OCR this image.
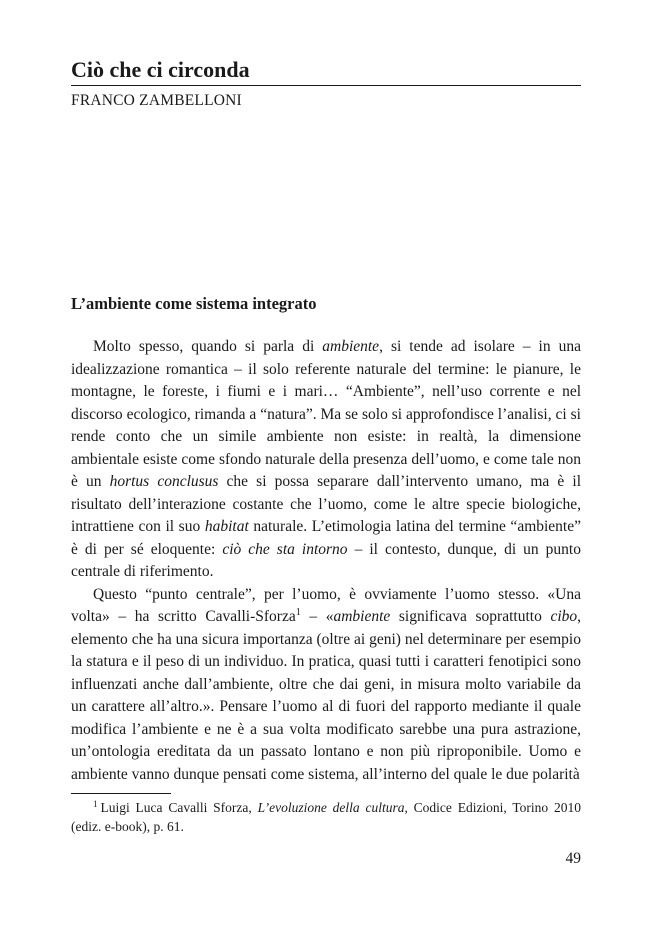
Ciò che ci circonda
FRANCO ZAMBELLONI
L’ambiente come sistema integrato

Molto spesso, quando si parla di ambiente, si tende ad isolare – in una idealizzazione romantica – il solo referente naturale del termine: le pianure, le montagne, le foreste, i fiumi e i mari… “Ambiente”, nell’uso corrente e nel discorso ecologico, rimanda a “natura”. Ma se solo si approfondisce l’analisi, ci si rende conto che un simile ambiente non esiste: in realtà, la dimensione ambientale esiste come sfondo naturale della presenza dell’uomo, e come tale non è un hortus conclusus che si possa separare dall’intervento umano, ma è il risultato dell’interazione costante che l’uomo, come le altre specie biologiche, intrattiene con il suo habitat naturale. L’etimologia latina del termine “ambiente” è di per sé eloquente: ciò che sta intorno – il contesto, dunque, di un punto centrale di riferimento.

Questo “punto centrale”, per l’uomo, è ovviamente l’uomo stesso. «Una volta» – ha scritto Cavalli-Sforza$^1$ – «ambiente significava soprattutto cibo, elemento che ha una sicura importanza (oltre ai geni) nel determinare per esempio la statura e il peso di un individuo. In pratica, quasi tutti i caratteri fenotipici sono influenzati anche dall’ambiente, oltre che dai geni, in misura molto variabile da un carattere all’altro.». Pensare l’uomo al di fuori del rapporto mediante il quale modifica l’ambiente e ne è a sua volta modificato sarebbe una pura astrazione, un’ontologia ereditata da un passato lontano e non più riproponibile. Uomo e ambiente vanno dunque pensati come sistema, all’interno del quale le due polarità

$^1$ Luigi Luca Cavalli Sforza, L’evoluzione della cultura, Codice Edizioni, Torino 2010 (ediz. e-book), p. 61.
49
